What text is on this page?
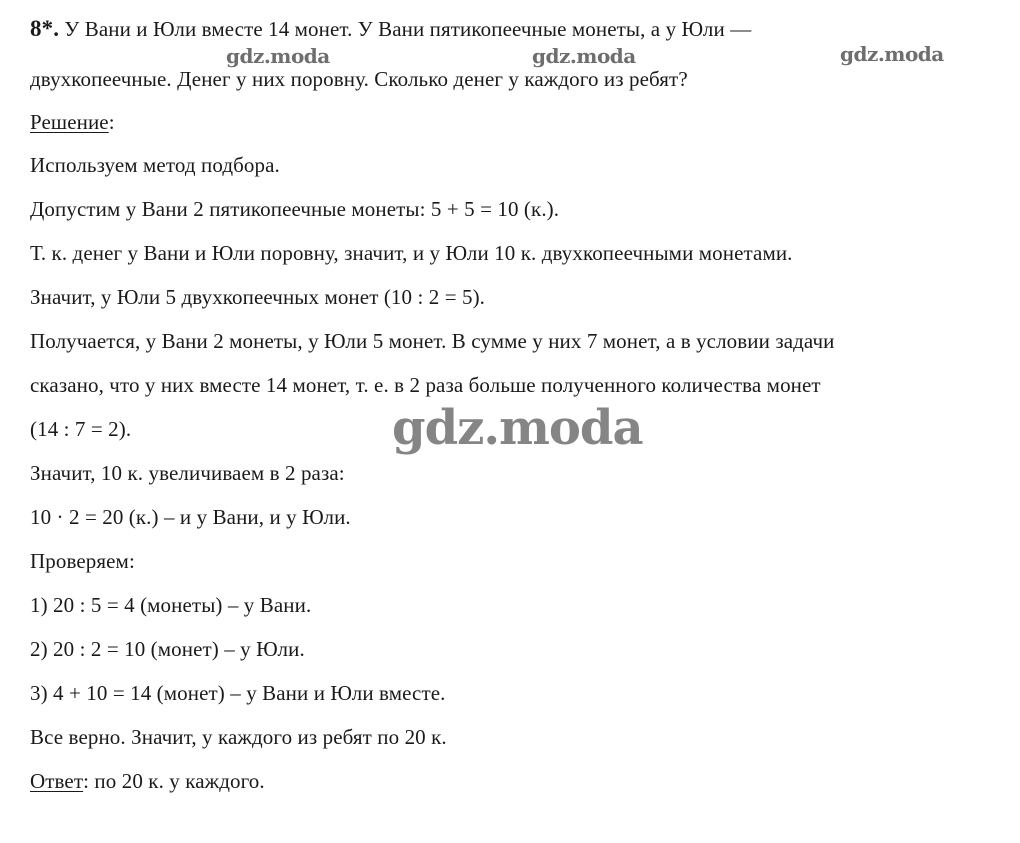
8*. У Вани и Юли вместе 14 монет. У Вани пятикопеечные монеты, а у Юли —
двухкопеечные. Денег у них поровну. Сколько денег у каждого из ребят?
Решение:
Используем метод подбора.
Допустим у Вани 2 пятикопеечные монеты: 5 + 5 = 10 (к.).
Т. к. денег у Вани и Юли поровну, значит, и у Юли 10 к. двухкопеечными монетами.
Значит, у Юли 5 двухкопеечных монет (10 : 2 = 5).
Получается, у Вани 2 монеты, у Юли 5 монет. В сумме у них 7 монет, а в условии задачи
сказано, что у них вместе 14 монет, т. е. в 2 раза больше полученного количества монет
(14 : 7 = 2).
Значит, 10 к. увеличиваем в 2 раза:
10 · 2 = 20 (к.) – и у Вани, и у Юли.
Проверяем:
1) 20 : 5 = 4 (монеты) – у Вани.
2) 20 : 2 = 10 (монет) – у Юли.
3) 4 + 10 = 14 (монет) – у Вани и Юли вместе.
Все верно. Значит, у каждого из ребят по 20 к.
Ответ: по 20 к. у каждого.
gdz.moda	gdz.moda	gdz.moda
gdz.moda
